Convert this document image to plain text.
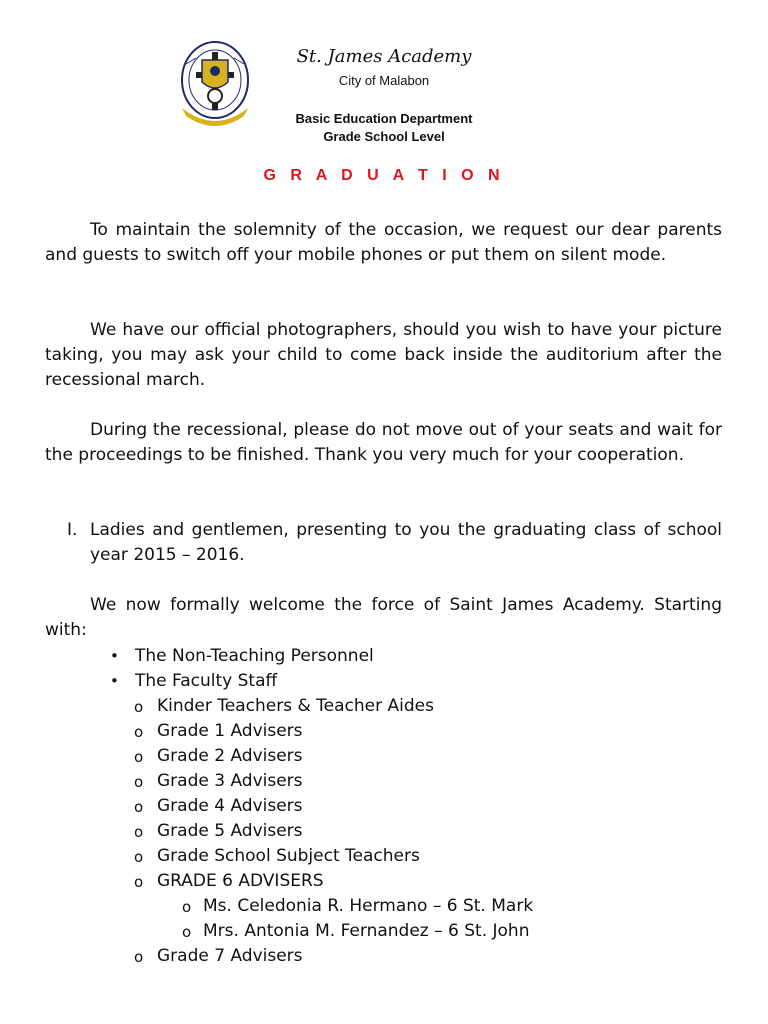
St. James Academy
City of Malabon
Basic Education Department
Grade School Level
G R A D U A T I O N

To maintain the solemnity of the occasion, we request our dear parents and guests to switch off your mobile phones or put them on silent mode.

We have our official photographers, should you wish to have your picture taking, you may ask your child to come back inside the auditorium after the recessional march.

During the recessional, please do not move out of your seats and wait for the proceedings to be finished. Thank you very much for your cooperation.

I. Ladies and gentlemen, presenting to you the graduating class of school year 2015 – 2016.

We now formally welcome the force of Saint James Academy. Starting with:

• The Non-Teaching Personnel
• The Faculty Staff
o Kinder Teachers & Teacher Aides
o Grade 1 Advisers
o Grade 2 Advisers
o Grade 3 Advisers
o Grade 4 Advisers
o Grade 5 Advisers
o Grade School Subject Teachers
o GRADE 6 ADVISERS
o Ms. Celedonia R. Hermano – 6 St. Mark
o Mrs. Antonia M. Fernandez – 6 St. John
o Grade 7 Advisers
